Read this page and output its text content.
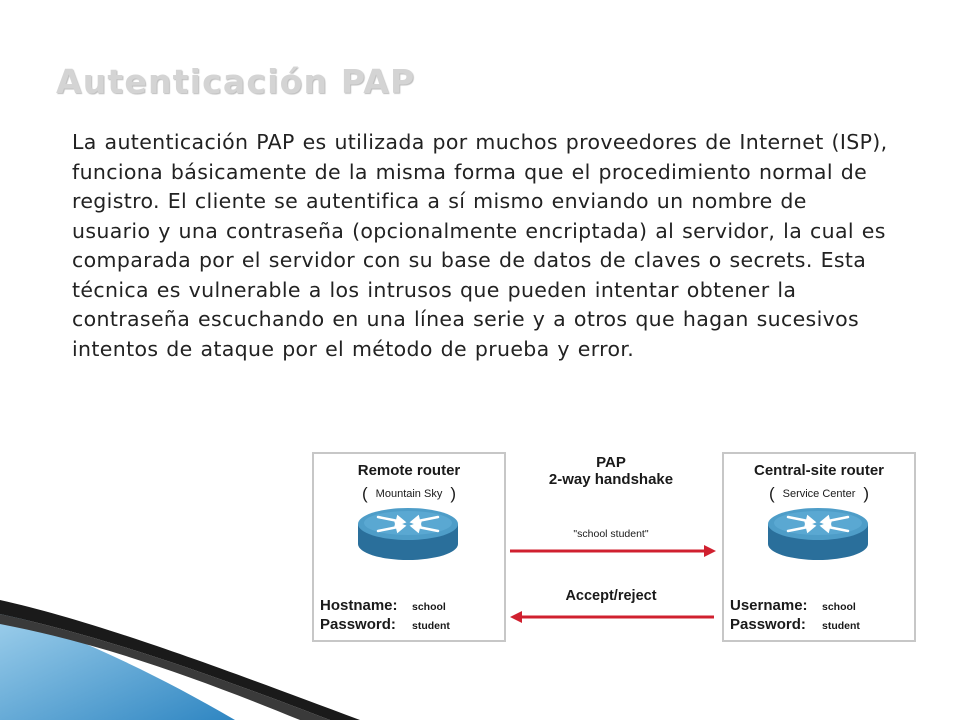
Autenticación PAP

La autenticación PAP es utilizada por muchos proveedores de Internet (ISP), funciona básicamente de la misma forma que el procedimiento normal de registro. El cliente se autentifica a sí mismo enviando un nombre de usuario y una contraseña (opcionalmente encriptada) al servidor, la cual es comparada por el servidor con su base de datos de claves o secrets. Esta técnica es vulnerable a los intrusos que pueden intentar obtener la contraseña escuchando en una línea serie y a otros que hagan sucesivos intentos de ataque por el método de prueba y error.

Remote router
( Mountain Sky )
Hostname: school
Password: student
PAP
2-way handshake
"school student"
Accept/reject
Central-site router
( Service Center )
Username: school
Password: student
